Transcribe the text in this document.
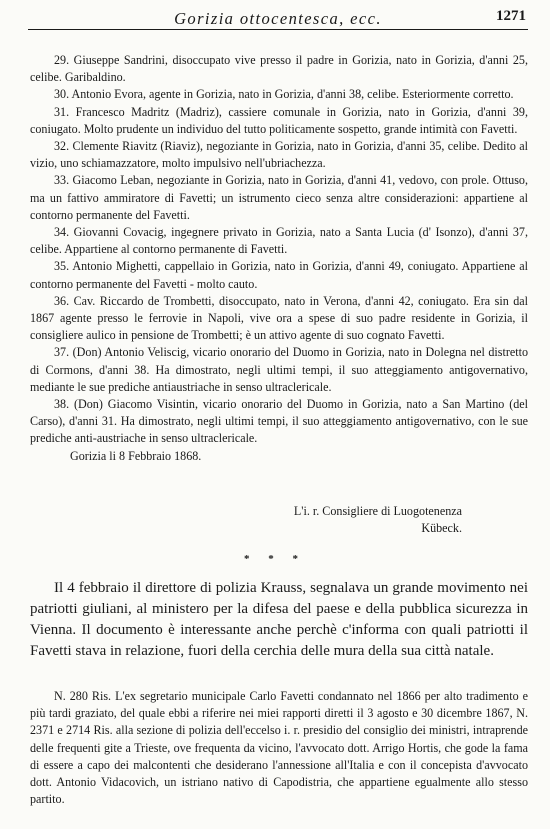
Gorizia ottocentesca, ecc.	1271

29. Giuseppe Sandrini, disoccupato vive presso il padre in Gorizia, nato in Gorizia, d'anni 25, celibe. Garibaldino.

30. Antonio Evora, agente in Gorizia, nato in Gorizia, d'anni 38, celibe. Esteriormente corretto.

31. Francesco Madritz (Madriz), cassiere comunale in Gorizia, nato in Gorizia, d'anni 39, coniugato. Molto prudente un individuo del tutto politicamente sospetto, grande intimità con Favetti.

32. Clemente Riavitz (Riaviz), negoziante in Gorizia, nato in Gorizia, d'anni 35, celibe. Dedito al vizio, uno schiamazzatore, molto impulsivo nell'ubriachezza.

33. Giacomo Leban, negoziante in Gorizia, nato in Gorizia, d'anni 41, vedovo, con prole. Ottuso, ma un fattivo ammiratore di Favetti; un istrumento cieco senza altre considerazioni: appartiene al contorno permanente del Favetti.

34. Giovanni Covacig, ingegnere privato in Gorizia, nato a Santa Lucia (d' Isonzo), d'anni 37, celibe. Appartiene al contorno permanente di Favetti.

35. Antonio Mighetti, cappellaio in Gorizia, nato in Gorizia, d'anni 49, coniugato. Appartiene al contorno permanente del Favetti - molto cauto.

36. Cav. Riccardo de Trombetti, disoccupato, nato in Verona, d'anni 42, coniugato. Era sin dal 1867 agente presso le ferrovie in Napoli, vive ora a spese di suo padre residente in Gorizia, il consigliere aulico in pensione de Trombetti; è un attivo agente di suo cognato Favetti.

37. (Don) Antonio Veliscig, vicario onorario del Duomo in Gorizia, nato in Dolegna nel distretto di Cormons, d'anni 38. Ha dimostrato, negli ultimi tempi, il suo atteggiamento antigovernativo, mediante le sue prediche antiaustriache in senso ultraclericale.

38. (Don) Giacomo Visintin, vicario onorario del Duomo in Gorizia, nato a San Martino (del Carso), d'anni 31. Ha dimostrato, negli ultimi tempi, il suo atteggiamento antigovernativo, con le sue prediche anti-austriache in senso ultraclericale.

Gorizia li 8 Febbraio 1868.

L'i. r. Consigliere di Luogotenenza
Kübeck.
* * *

Il 4 febbraio il direttore di polizia Krauss, segnalava un grande movimento nei patriotti giuliani, al ministero per la difesa del paese e della pubblica sicurezza in Vienna. Il documento è interessante anche perchè c'informa con quali patriotti il Favetti stava in relazione, fuori della cerchia delle mura della sua città natale.

N. 280 Ris. L'ex segretario municipale Carlo Favetti condannato nel 1866 per alto tradimento e più tardi graziato, del quale ebbi a riferire nei miei rapporti diretti il 3 agosto e 30 dicembre 1867, N. 2371 e 2714 Ris. alla sezione di polizia dell'eccelso i. r. presidio del consiglio dei ministri, intraprende delle frequenti gite a Trieste, ove frequenta da vicino, l'avvocato dott. Arrigo Hortis, che gode la fama di essere a capo dei malcontenti che desiderano l'annessione all'Italia e con il concepista d'avvocato dott. Antonio Vidacovich, un istriano nativo di Capodistria, che appartiene egualmente allo stesso partito.
